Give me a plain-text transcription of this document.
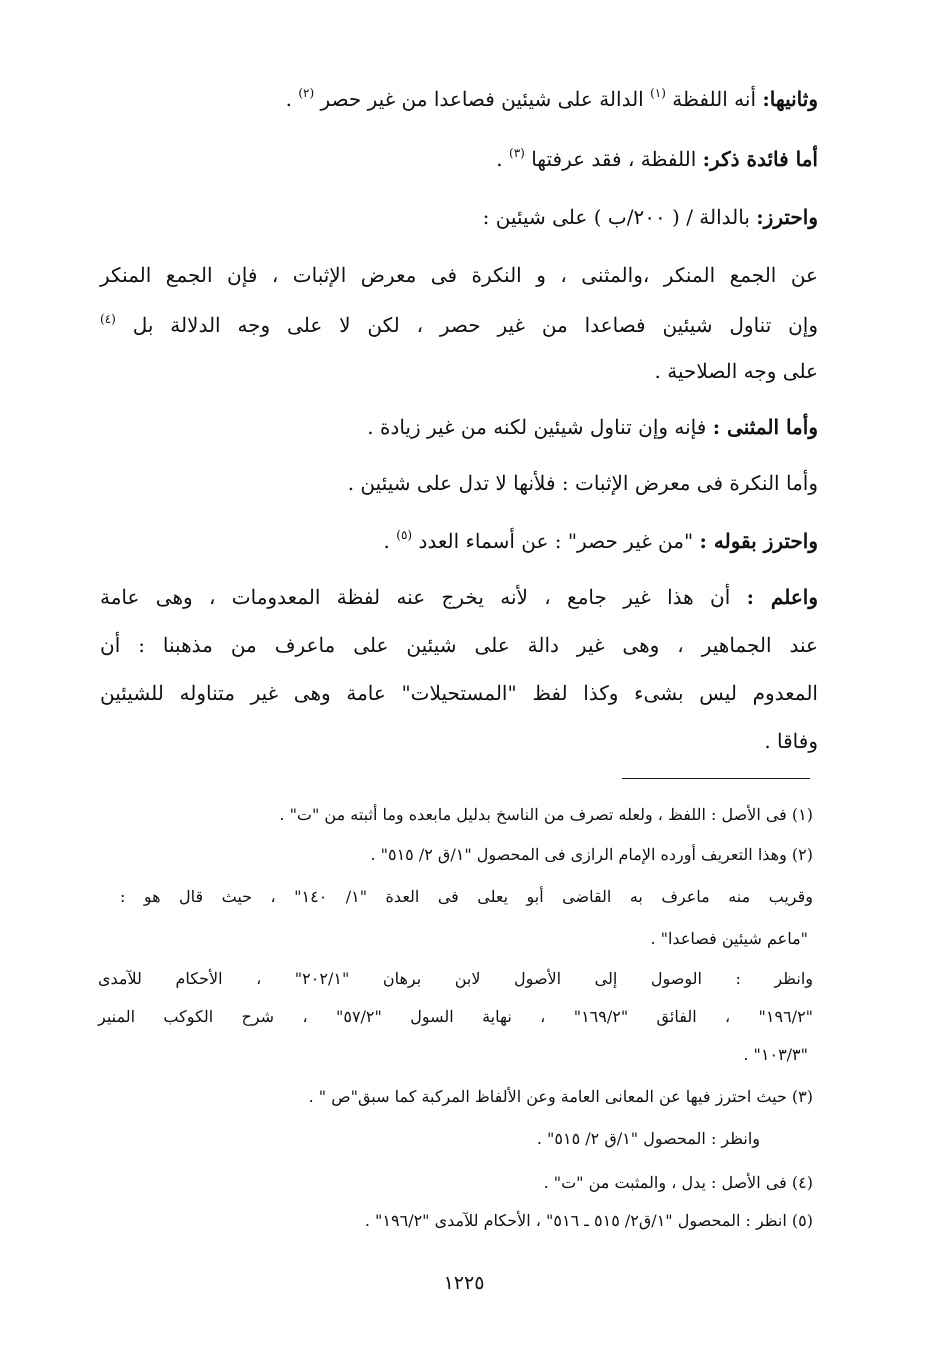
وثانيها: أنه اللفظة $^{(١)}$ الدالة على شيئين فصاعدا من غير حصر $^{(٢)}$ .

أما فائدة ذكر: اللفظة ، فقد عرفتها $^{(٣)}$ .

واحترز: بالدالة / ( ٢٠٠/ب ) على شيئين :

عن الجمع المنكر ،والمثنى ، و النكرة فى معرض الإثبات ، فإن الجمع المنكر

وإن تناول شيئين فصاعدا من غير حصر ، لكن لا على وجه الدلالة بل $^{(٤)}$

على وجه الصلاحية .

وأما المثنى : فإنه وإن تناول شيئين لكنه من غير زيادة .

وأما النكرة فى معرض الإثبات : فلأنها لا تدل على شيئين .

واحترز بقوله : "من غير حصر" : عن أسماء العدد $^{(٥)}$ .

واعلم : أن هذا غير جامع ، لأنه يخرج عنه لفظة المعدومات ، وهى عامة

عند الجماهير ، وهى غير دالة على شيئين على ماعرف من مذهبنا : أن

المعدوم ليس بشىء وكذا لفظ "المستحيلات" عامة وهى غير متناوله للشيئين

وفاقا .

(١) فى الأصل : اللفظ ، ولعله تصرف من الناسخ بدليل مابعده وما أثبته من "ت" .

(٢) وهذا التعريف أورده الإمام الرازى فى المحصول "١/ق ٢/ ٥١٥" .

وقريب منه ماعرف به القاضى أبو يعلى فى العدة "١/ ١٤٠" ، حيث قال هو :

"ماعم شيئين فصاعدا" .

وانظر : الوصول إلى الأصول لابن برهان "٢٠٢/١" ، الأحكام للآمدى

"١٩٦/٢" ، الفائق "١٦٩/٢" ، نهاية السول "٥٧/٢" ، شرح الكوكب المنير

"١٠٣/٣" .

(٣) حيث احترز فيها عن المعانى العامة وعن الألفاظ المركبة كما سبق"ص " .

وانظر : المحصول "١/ق ٢/ ٥١٥" .

(٤) فى الأصل : يدل ، والمثبت من "ت" .

(٥) انظر : المحصول "١/ق٢/ ٥١٥ ـ ٥١٦" ، الأحكام للآمدى "١٩٦/٢" .

١٢٢٥
